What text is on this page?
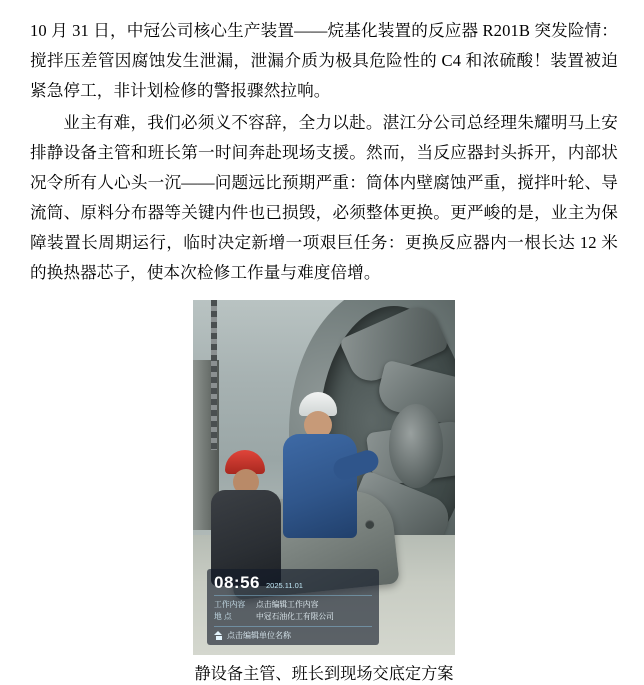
10 月 31 日，中冠公司核心生产装置——烷基化装置的反应器 R201B 突发险情：搅拌压差管因腐蚀发生泄漏，泄漏介质为极具危险性的 C4 和浓硫酸！装置被迫紧急停工，非计划检修的警报骤然拉响。

业主有难，我们必须义不容辞，全力以赴。湛江分公司总经理朱耀明马上安排静设备主管和班长第一时间奔赴现场支援。然而，当反应器封头拆开，内部状况令所有人心头一沉——问题远比预期严重：筒体内壁腐蚀严重，搅拌叶轮、导流筒、原料分布器等关键内件也已损毁，必须整体更换。更严峻的是，业主为保障装置长周期运行，临时决定新增一项艰巨任务：更换反应器内一根长达 12 米的换热器芯子，使本次检修工作量与难度倍增。

08:56 2025.11.01
工作内容	点击编辑工作内容
地 点	中冠石油化工有限公司
点击编辑单位名称
静设备主管、班长到现场交底定方案
